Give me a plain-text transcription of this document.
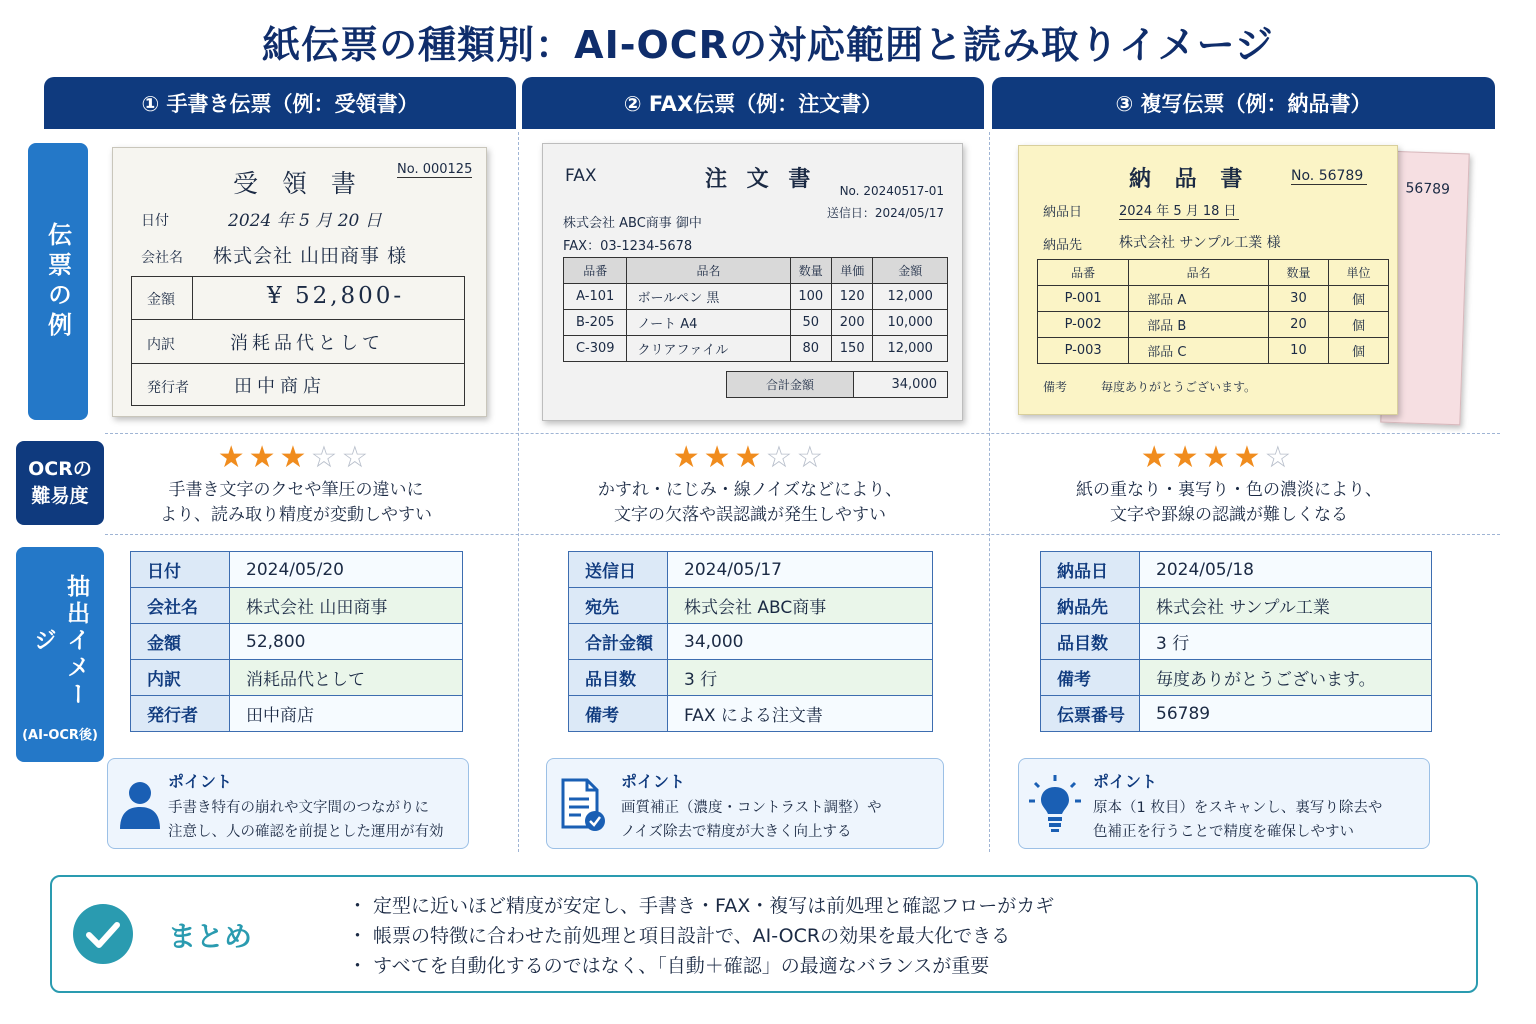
紙伝票の種類別：AI-OCRの対応範囲と読み取りイメージ
① 手書き伝票（例：受領書）	② FAX伝票（例：注文書）	③ 複写伝票（例：納品書）
伝票の例
OCRの難易度
抽出イメージ
(AI-OCR後)
受 領 書	No. 000125
日付	2024 年 5 月 20 日
会社名 株式会社 山田商事 様
金額	¥ 52,800-
内訳	消耗品代として
発行者	田中商店
FAX	注 文 書 No. 20240517-01
送信日：2024/05/17
株式会社 ABC商事 御中
FAX：03-1234-5678
品番	品名	数量	単価	金額
A-101	ボールペン 黒	100	120	12,000
B-205	ノート A4	50	200	10,000
C-309	クリアファイル	80	150	12,000
合計金額	34,000
56789
納 品 書	No. 56789
納品日	2024 年 5 月 18 日
納品先	株式会社 サンプル工業 様
品番	品名	数量	単位
P-001	部品 A	30	個
P-002	部品 B	20	個
P-003	部品 C	10	個
備考	毎度ありがとうございます。
★★★☆☆	★★★☆☆	★★★★☆
手書き文字のクセや筆圧の違いに
より、読み取り精度が変動しやすい
かすれ・にじみ・線ノイズなどにより、
文字の欠落や誤認識が発生しやすい
紙の重なり・裏写り・色の濃淡により、
文字や罫線の認識が難しくなる
日付	2024/05/20
会社名	株式会社 山田商事
金額	52,800
内訳	消耗品代として
発行者	田中商店
送信日	2024/05/17
宛先	株式会社 ABC商事
合計金額	34,000
品目数	3 行
備考	FAX による注文書
納品日	2024/05/18
納品先	株式会社 サンプル工業
品目数	3 行
備考	毎度ありがとうございます。
伝票番号	56789
ポイント
手書き特有の崩れや文字間のつながりに
注意し、人の確認を前提とした運用が有効
ポイント
画質補正（濃度・コントラスト調整）や
ノイズ除去で精度が大きく向上する
ポイント
原本（1 枚目）をスキャンし、裏写り除去や
色補正を行うことで精度を確保しやすい
まとめ
・ 定型に近いほど精度が安定し、手書き・FAX・複写は前処理と確認フローがカギ
・ 帳票の特徴に合わせた前処理と項目設計で、AI-OCRの効果を最大化できる
・ すべてを自動化するのではなく、「自動＋確認」の最適なバランスが重要
